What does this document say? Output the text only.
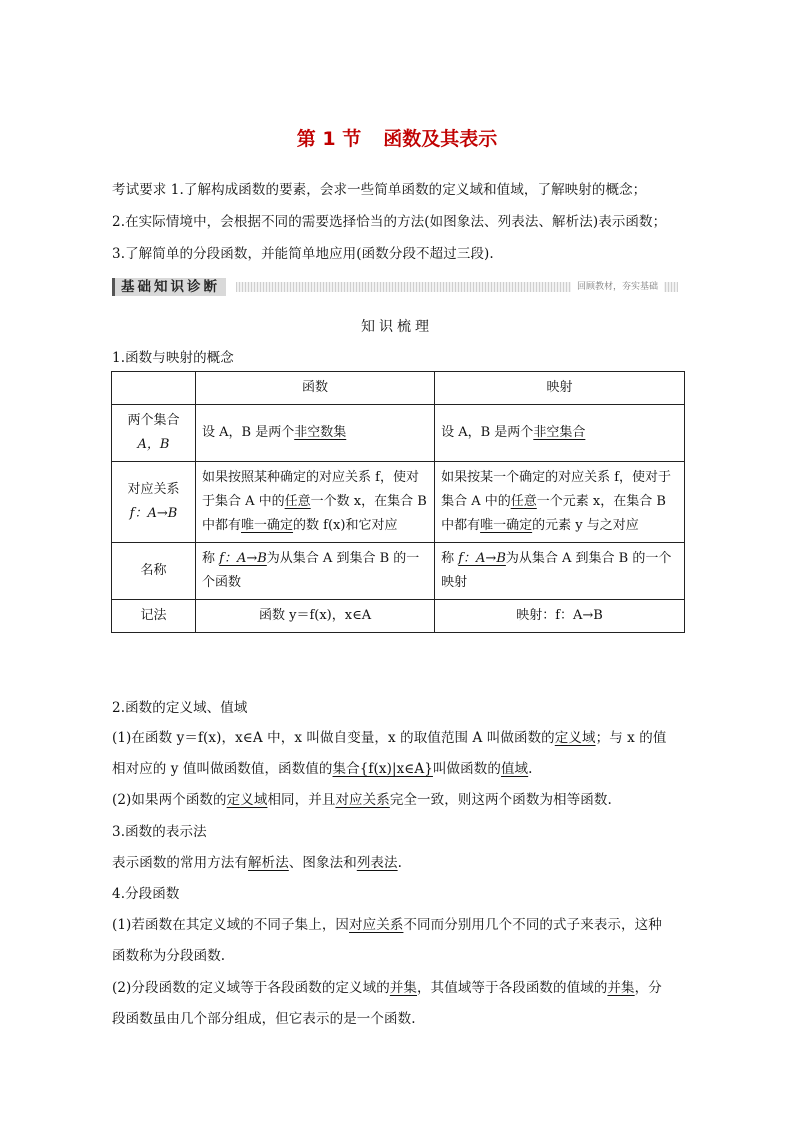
第 1 节 函数及其表示
考试要求 1.了解构成函数的要素，会求一些简单函数的定义域和值域，了解映射的概念；
2.在实际情境中，会根据不同的需要选择恰当的方法(如图象法、列表法、解析法)表示函数；
3.了解简单的分段函数，并能简单地应用(函数分段不超过三段).
基础知识诊断	回顾教材，夯实基础
知识梳理
1.函数与映射的概念
	函数	映射

两个集合
A，B	设 A，B 是两个非空数集	设 A，B 是两个非空集合

对应关系
f：A→B	如果按照某种确定的对应关系 f，使对于集合 A 中的任意一个数 x，在集合 B 中都有唯一确定的数 f(x)和它对应	如果按某一个确定的对应关系 f，使对于集合 A 中的任意一个元素 x，在集合 B 中都有唯一确定的元素 y 与之对应
名称	称 f：A→B为从集合 A 到集合 B 的一个函数	称 f：A→B为从集合 A 到集合 B 的一个映射
记法	函数 y＝f(x)，x∈A	映射：f：A→B
2.函数的定义域、值域
(1)在函数 y＝f(x)，x∈A 中，x 叫做自变量，x 的取值范围 A 叫做函数的定义域；与 x 的值
相对应的 y 值叫做函数值，函数值的集合{f(x)|x∈A}叫做函数的值域.
(2)如果两个函数的定义域相同，并且对应关系完全一致，则这两个函数为相等函数.
3.函数的表示法
表示函数的常用方法有解析法、图象法和列表法.
4.分段函数
(1)若函数在其定义域的不同子集上，因对应关系不同而分别用几个不同的式子来表示，这种
函数称为分段函数.
(2)分段函数的定义域等于各段函数的定义域的并集，其值域等于各段函数的值域的并集，分
段函数虽由几个部分组成，但它表示的是一个函数.
